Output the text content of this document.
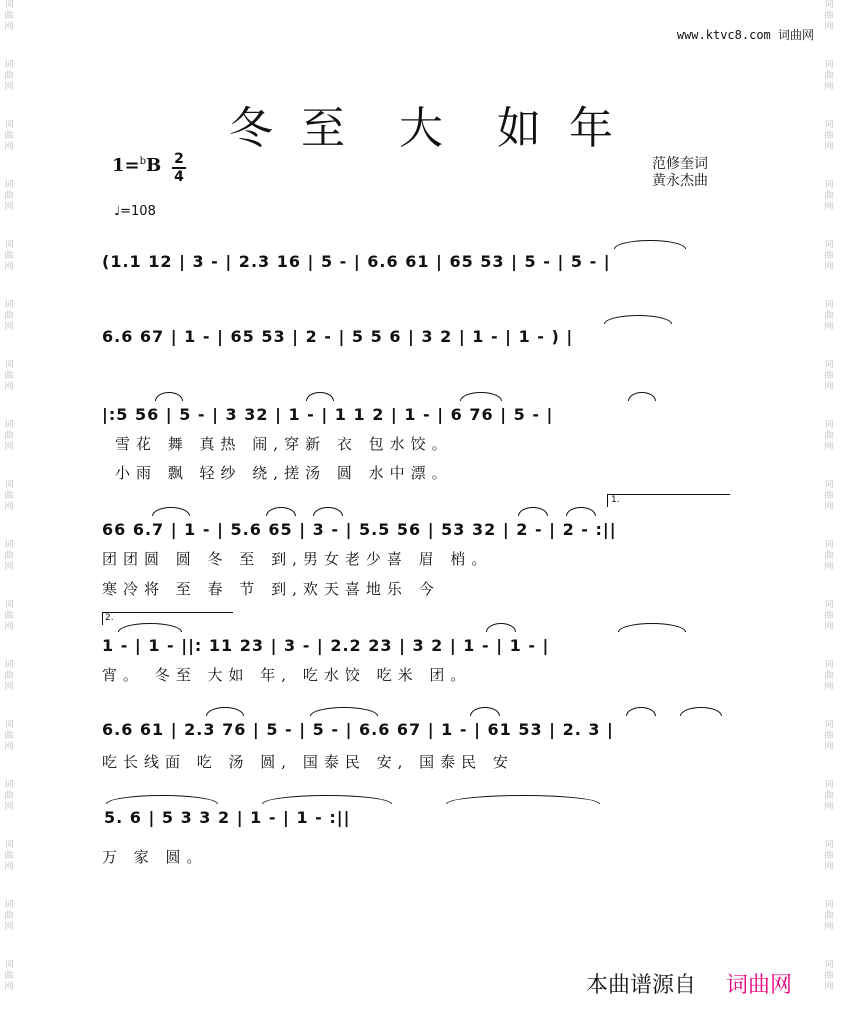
词
曲
网
词
曲
网
词
曲
网
词
曲
网
词
曲
网
词
曲
网
词
曲
网
词
曲
网
词
曲
网
词
曲
网
词
曲
网
词
曲
网
词
曲
网
词
曲
网
词
曲
网
词
曲
网
词
曲
网
词
曲
网
词
曲
网
词
曲
网
词
曲
网
词
曲
网
词
曲
网
词
曲
网
词
曲
网
词
曲
网
词
曲
网
词
曲
网
词
曲
网
词
曲
网
词
曲
网
词
曲
网
词
曲
网
词
曲
网
www.ktvc8.com 词曲网
冬 至 大 如 年
1=$^b$B 2
4
♩=108
范修奎词
黄永杰曲
(1.1 12 | 3 - | 2.3 16 | 5 - | 6.6 61 | 65 53 | 5 - | 5 - |
6.6 67 | 1 - | 65 53 | 2 - | 5 5 6 | 3 2 | 1 - | 1 - ) |
|:5 56 | 5 - | 3 32 | 1 - | 1 1 2 | 1 - | 6 76 | 5 - |
雪花 舞 真热 闹,穿新 衣 包水饺。
小雨 飘 轻纱 绕,搓汤 圆 水中漂。
1.
66 6.7 | 1 - | 5.6 65 | 3 - | 5.5 56 | 53 32 | 2 - | 2 - :||
团团圆 圆 冬 至 到,男女老少喜 眉 梢。
寒冷将 至 春 节 到,欢天喜地乐 今
2.
1 - | 1 - ||: 11 23 | 3 - | 2.2 23 | 3 2 | 1 - | 1 - |
宵。 冬至 大如 年, 吃水饺 吃米 团。
6.6 61 | 2.3 76 | 5 - | 5 - | 6.6 67 | 1 - | 61 53 | 2. 3 |
吃长线面 吃 汤 圆, 国泰民 安, 国泰民 安
5. 6 | 5 3 3 2 | 1 - | 1 - :||
万 家 圆。
本曲谱源自 词曲网
